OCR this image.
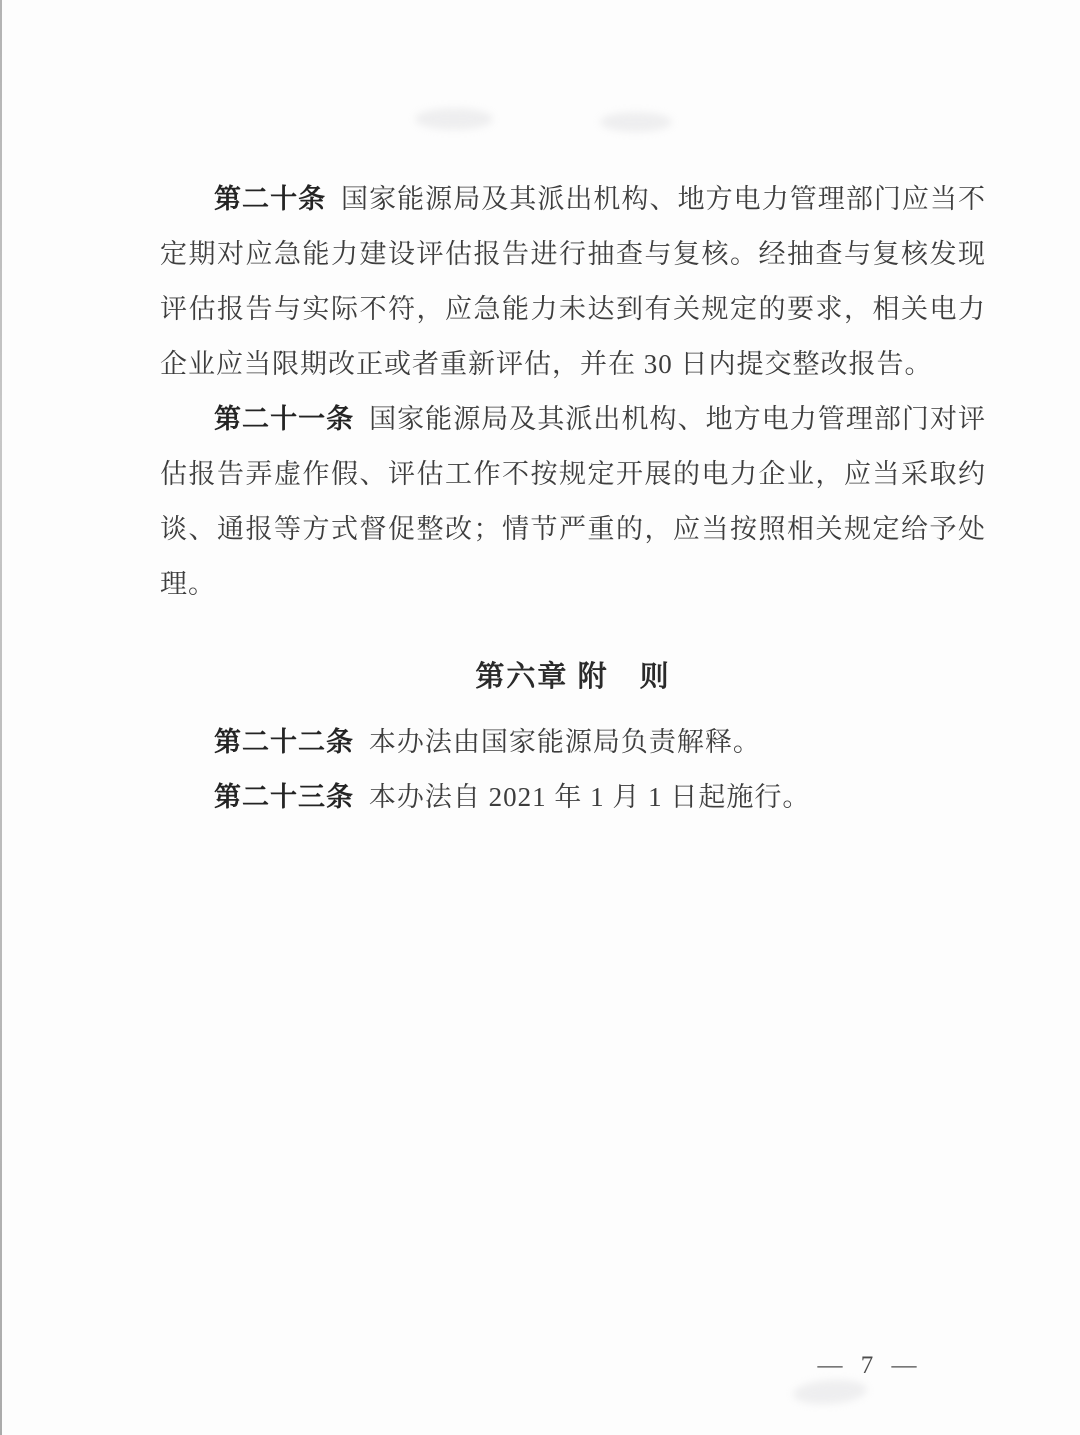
第二十条 国家能源局及其派出机构、地方电力管理部门应当不定期对应急能力建设评估报告进行抽查与复核。经抽查与复核发现评估报告与实际不符，应急能力未达到有关规定的要求，相关电力企业应当限期改正或者重新评估，并在 30 日内提交整改报告。

第二十一条 国家能源局及其派出机构、地方电力管理部门对评估报告弄虚作假、评估工作不按规定开展的电力企业，应当采取约谈、通报等方式督促整改；情节严重的，应当按照相关规定给予处理。

第六章 附　则

第二十二条 本办法由国家能源局负责解释。

第二十三条 本办法自 2021 年 1 月 1 日起施行。

— 7 —
